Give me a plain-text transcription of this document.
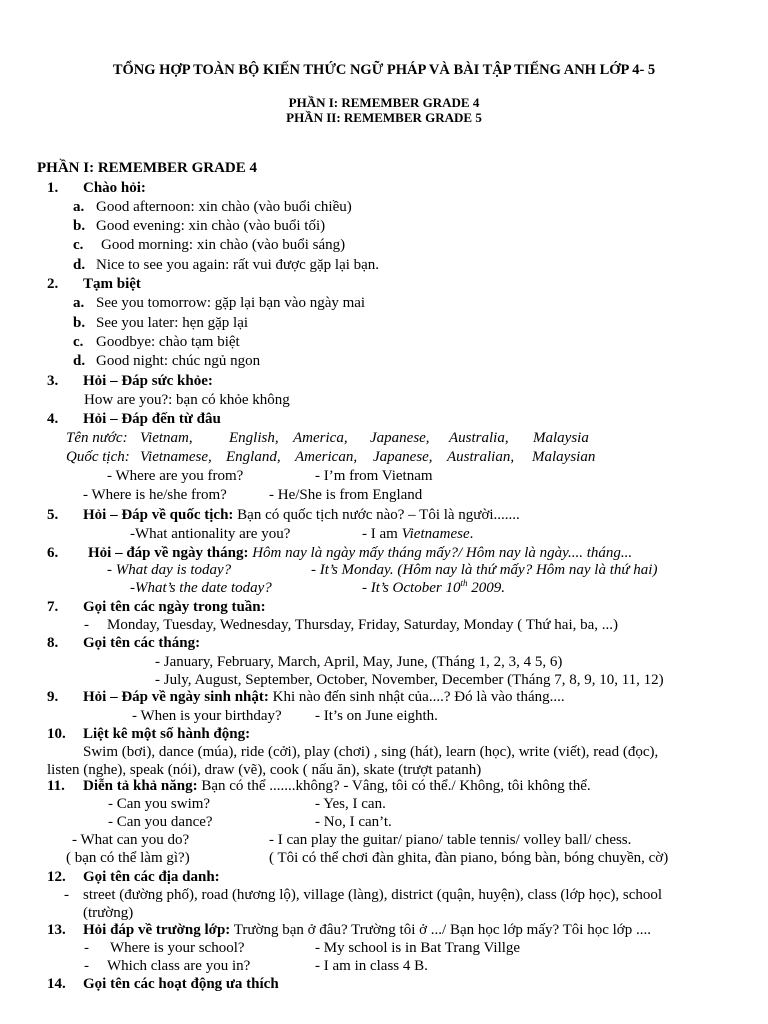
TỔNG HỢP TOÀN BỘ KIẾN THỨC NGỮ PHÁP VÀ BÀI TẬP TIẾNG ANH LỚP 4- 5
PHẦN I: REMEMBER GRADE 4
PHẦN II: REMEMBER GRADE 5
PHẦN I: REMEMBER GRADE 4
1. Chào hỏi:
a. Good afternoon: xin chào (vào buổi chiều)
b. Good evening: xin chào (vào buổi tối)
c. Good morning: xin chào (vào buổi sáng)
d. Nice to see you again: rất vui được gặp lại bạn.
2. Tạm biệt
a. See you tomorrow: gặp lại bạn vào ngày mai
b. See you later: hẹn gặp lại
c. Goodbye: chào tạm biệt
d. Good night: chúc ngủ ngon
3. Hỏi – Đáp sức khỏe:
How are you?: bạn có khỏe không
4. Hỏi – Đáp đến từ đâu
Tên nước: Vietnam, English, America, Japanese, Australia, Malaysia
Quốc tịch: Vietnamese, England, American, Japanese, Australian, Malaysian
- Where are you from?	- I’m from Vietnam
- Where is he/she from?	- He/She is from England
5. Hỏi – Đáp về quốc tịch: Bạn có quốc tịch nước nào? – Tôi là người.......
-What antionality are you?	- I am Vietnamese.
6. Hỏi – đáp về ngày tháng: Hôm nay là ngày mấy tháng mấy?/ Hôm nay là ngày.... tháng...
- What day is today?	- It’s Monday. (Hôm nay là thứ mấy? Hôm nay là thứ hai)
-What’s the date today?	- It’s October 10th 2009.
7. Gọi tên các ngày trong tuần:
- Monday, Tuesday, Wednesday, Thursday, Friday, Saturday, Monday ( Thứ hai, ba, ...)
8. Gọi tên các tháng:
- January, February, March, April, May, June, (Tháng 1, 2, 3, 4 5, 6)
- July, August, September, October, November, December (Tháng 7, 8, 9, 10, 11, 12)
9. Hỏi – Đáp về ngày sinh nhật: Khi nào đến sinh nhật của....? Đó là vào tháng....
- When is your birthday? - It’s on June eighth.
10. Liệt kê một số hành động:
Swim (bơi), dance (múa), ride (cởi), play (chơi) , sing (hát), learn (học), write (viết), read (đọc),
listen (nghe), speak (nói), draw (vẽ), cook ( nấu ăn), skate (trượt patanh)
11. Diễn tả khả năng: Bạn có thể .......không? - Vâng, tôi có thể./ Không, tôi không thể.
- Can you swim?	- Yes, I can.
- Can you dance?	- No, I can’t.
- What can you do?	- I can play the guitar/ piano/ table tennis/ volley ball/ chess.
( bạn có thể làm gì?)	( Tôi có thể chơi đàn ghita, đàn piano, bóng bàn, bóng chuyền, cờ)
12. Gọi tên các địa danh:
- street (đường phố), road (hương lộ), village (làng), district (quận, huyện), class (lớp học), school
(trường)
13. Hỏi đáp về trường lớp: Trường bạn ở đâu? Trường tôi ở .../ Bạn học lớp mấy? Tôi học lớp ....
- Where is your school?	- My school is in Bat Trang Villge
- Which class are you in?	- I am in class 4 B.
14. Gọi tên các hoạt động ưa thích
